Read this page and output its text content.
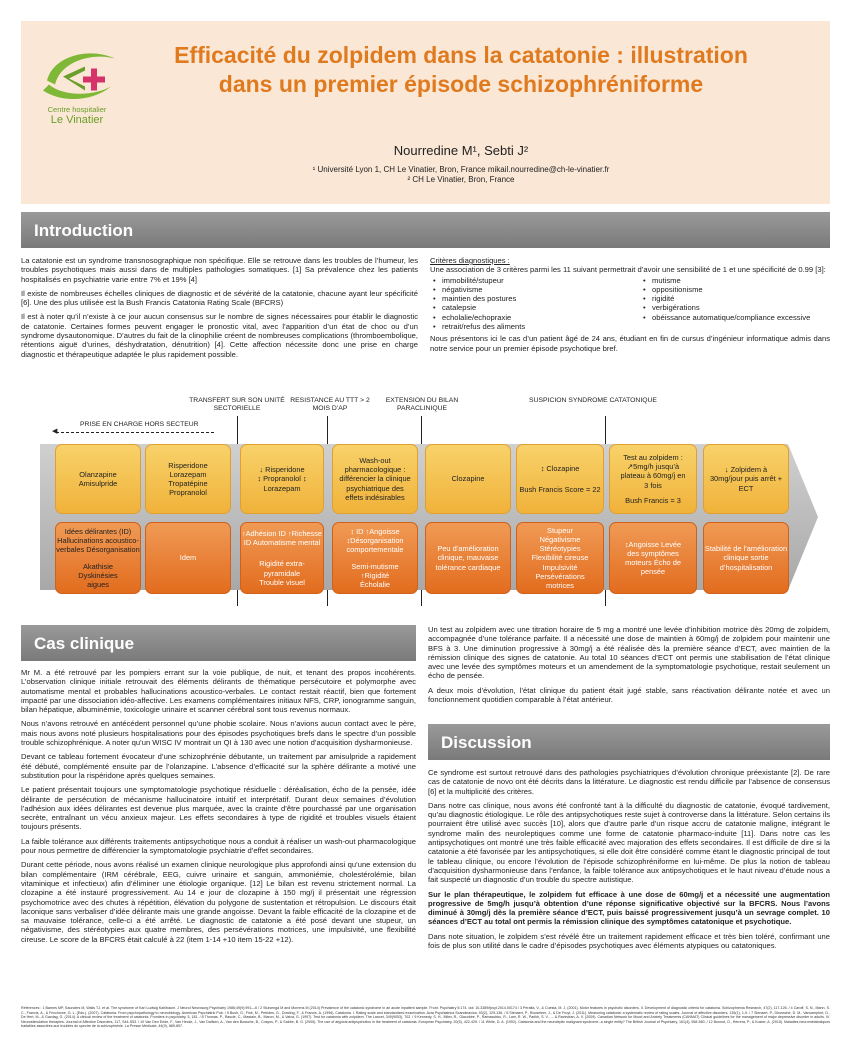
Centre hospitalier
Le Vinatier
Efficacité du zolpidem dans la catatonie : illustration dans un premier épisode schizophréniforme
Nourredine M¹, Sebti J²
¹ Université Lyon 1, CH Le Vinatier, Bron, France mikail.nourredine@ch-le-vinatier.fr
² CH Le Vinatier, Bron, France
Introduction

La catatonie est un syndrome transnosographique non spécifique. Elle se retrouve dans les troubles de l’humeur, les troubles psychotiques mais aussi dans de multiples pathologies somatiques. [1] Sa prévalence chez les patients hospitalisés en psychiatrie varie entre 7% et 19% [4]

Il existe de nombreuses échelles cliniques de diagnostic et de sévérité de la catatonie, chacune ayant leur spécificité [6]. Une des plus utilisée est la Bush Francis Catatonia Rating Scale (BFCRS)

Il est à noter qu’il n’existe à ce jour aucun consensus sur le nombre de signes nécessaires pour établir le diagnostic de catatonie. Certaines formes peuvent engager le pronostic vital, avec l’apparition d’un état de choc ou d’un syndrome dysautonomique. D’autres du fait de la clinophilie créent de nombreuses complications (thromboembolique, rétentions aiguë d’urines, déshydratation, dénutrition) [4]. Cette affection nécessite donc une prise en charge diagnostic et thérapeutique adaptée le plus rapidement possible.

Critères diagnostiques :
Une association de 3 critères parmi les 11 suivant permettrait d’avoir une sensibilité de 1 et une spécificité de 0.99 [3]:
• immobilité/stupeur
• négativisme
• maintien des postures
• catalepsie
• echolalie/echopraxie
• retrait/refus des aliments
• mutisme
• oppositionisme
• rigidité
• verbigérations
• obéissance automatique/compliance excessive

Nous présentons ici le cas d’un patient âgé de 24 ans, étudiant en fin de cursus d’ingénieur informatique admis dans notre service pour un premier épisode psychotique bref.

TRANSFERT SUR SON UNITÉ SECTORIELLE
RESISTANCE AU TTT > 2 MOIS D’AP
EXTENSION DU BILAN PARACLINIQUE
SUSPICION SYNDROME CATATONIQUE
PRISE EN CHARGE HORS SECTEUR
◀
Olanzapine Amisulpride
Risperidone Lorazepam Tropatépine Propranolol
↓ Risperidone ↕ Propranolol ↕ Lorazepam
Wash-out pharmacologique : différencier la clinique psychiatrique des effets indésirables
Clozapine
↕ Clozapine
Bush Francis Score = 22
Test au zolpidem : ↗5mg/h jusqu’à plateau à 60mg/j en 3 fois
Bush Francis = 3
↓ Zolpidem à 30mg/jour puis arrêt + ECT
Idées délirantes (ID) Hallucinations acoustico-verbales Désorganisation
Akathisie Dyskinésies aigues
Idem
↑Adhésion ID ↑Richesse ID Automatisme mental
Rigidité extra-pyramidale Trouble visuel
↕ ID ↑Angoisse ↕Désorganisation comportementale
Semi-mutisme ↑Rigidité Écholalie
Peu d’amélioration clinique, mauvaise tolérance cardiaque
Stupeur Négativisme Stéréotypies Flexibilité cireuse Impulsivité Persévérations motrices
↕Angoisse Levée des symptômes moteurs Écho de pensée
Stabilité de l’amélioration clinique sortie d’hospitalisation
Cas clinique

Mr M. a été retrouvé par les pompiers errant sur la voie publique, de nuit, et tenant des propos incohérents. L’observation clinique initiale retrouvait des éléments délirants de thématique persécutoire et polymorphe avec automatisme mental et probables hallucinations acoustico-verbales. Le contact restait réactif, bien que fortement impacté par une dissociation idéo-affective. Les examens complémentaires initiaux NFS, CRP, ionogramme sanguin, bilan hépatique, albuminémie, toxicologie urinaire et scanner cérébral sont tous revenus normaux.

Nous n’avons retrouvé en antécédent personnel qu’une phobie scolaire. Nous n’avions aucun contact avec le père, mais nous avons noté plusieurs hospitalisations pour des épisodes psychotiques brefs dans le spectre d’un possible trouble schizophrénique. A noter qu’un WISC IV montrait un QI à 130 avec une notion d’acquisition dysharmonieuse.

Devant ce tableau fortement évocateur d’une schizophrénie débutante, un traitement par amisulpride a rapidement été débuté, complémenté ensuite par de l’olanzapine. L’absence d’efficacité sur la sphère délirante a motivé une substitution pour la rispéridone après quelques semaines.

Le patient présentait toujours une symptomatologie psychotique résiduelle : déréalisation, écho de la pensée, idée délirante de persécution de mécanisme hallucinatoire intuitif et interprétatif. Durant deux semaines d’évolution l’adhésion aux idées délirantes est devenue plus marquée, avec la crainte d’être pourchassé par une organisation secrète, entraînant un vécu anxieux majeur. Les effets secondaires à type de rigidité et troubles visuels étaient toujours présents.

La faible tolérance aux différents traitements antipsychotique nous a conduit à réaliser un wash-out pharmacologique pour nous permettre de différencier la symptomatologie psychiatrie d’effet secondaires.

Durant cette période, nous avons réalisé un examen clinique neurologique plus approfondi ainsi qu’une extension du bilan complémentaire (IRM cérébrale, EEG, cuivre urinaire et sanguin, ammoniémie, cholestérolémie, bilan vitaminique et infectieux) afin d’éliminer une étiologie organique. [12] Le bilan est revenu strictement normal. La clozapine a été instauré progressivement. Au 14 e jour de clozapine à 150 mg/j il présentait une régression psychomotrice avec des chutes à répétition, élévation du polygone de sustentation et rétropulsion. Le discours était laconique sans verbaliser d’idée délirante mais une grande angoisse. Devant la faible efficacité de la clozapine et de sa mauvaise tolérance, celle-ci a été arrêté. Le diagnostic de catatonie a été posé devant une stupeur, un négativisme, des stéréotypies aux quatre membres, des persévérations motrices, une impulsivité, une flexibilité cireuse. Le score de la BFCRS était calculé à 22 (item 1-14 +10 item 15-22 +12).

Un test au zolpidem avec une titration horaire de 5 mg a montré une levée d’inhibition motrice dès 20mg de zolpidem, accompagnée d’une tolérance parfaite. Il a nécessité une dose de maintien à 60mg/j de zolpidem pour maintenir une BFS à 3. Une diminution progressive à 30mg/j a été réalisée dès la première séance d’ECT, avec maintien de la rémission clinique des signes de catatonie. Au total 10 séances d’ECT ont permis une stabilisation de l’état clinique avec une levée des symptômes moteurs et un amendement de la symptomatologie psychotique, restait seulement un écho de pensée.

A deux mois d’évolution, l’état clinique du patient était jugé stable, sans réactivation délirante notée et avec un fonctionnement quotidien comparable à l’état antérieur.

Discussion

Ce syndrome est surtout retrouvé dans des pathologies psychiatriques d’évolution chronique préexistante [2]. De rare cas de catatonie de novo ont été décrits dans la littérature. Le diagnostic est rendu difficile par l’absence de consensus [6] et la multiplicité des critères.

Dans notre cas clinique, nous avons été confronté tant à la difficulté du diagnostic de catatonie, évoqué tardivement, qu’au diagnostic étiologique. Le rôle des antipsychotiques reste sujet à controverse dans la littérature. Selon certains ils pourraient être utilisé avec succès [10], alors que d’autre parle d’un risque accru de catatonie maligne, intégrant le syndrome malin des neuroleptiques comme une forme de catatonie pharmaco-induite [11]. Dans notre cas les antipsychotiques ont montré une très faible efficacité avec majoration des effets secondaires. Il est difficile de dire si la catatonie a été favorisée par les antipsychotiques, si elle doit être considéré comme étant le diagnostic principal de tout le tableau clinique, ou encore l’évolution de l’épisode schizophréniforme en lui-même. De plus la notion de tableau d’acquisition dysharmonieuse dans l’enfance, la faible tolérance aux antipsychotiques et le haut niveau d’étude nous a fait suspecté un diagnostic d’un trouble du spectre autistique.

Sur le plan thérapeutique, le zolpidem fut efficace à une dose de 60mg/j et a nécessité une augmentation progressive de 5mg/h jusqu’à obtention d’une réponse significative objectivé sur la BFCRS. Nous l’avons diminué à 30mg/j dès la première séance d’ECT, puis baissé progressivement jusqu’à un sevrage complet. 10 séances d’ECT au total ont permis la rémission clinique des symptômes catatonique et psychotique.

Dans note situation, le zolpidem s’est révélé être un traitement rapidement efficace et très bien toléré, confirmant une fois de plus son utilité dans le cadre d’épisodes psychotiques avec éléments atypiques ou catatoniques.

Références : 1 Barnes MP, Saunders M, Walls TJ, et al. The syndrome of Karl Ludwig Kahlbaum. J Neurol Neurosurg Psychiatry 1986;49(9):991—6 / 2 Stuivenga M and Morrens M (2014) Prevalence of the catatonic syndrome in an acute inpatient sample. Front. Psychiatry 5:174. doi: 10.3389/fpsyt.2014.00174 / 3 Peralta, V., & Cuesta, M. J. (2001). Motor features in psychotic disorders. II. Development of diagnostic criteria for catatonia. Schizophrenia Research, 47(2), 117-126. / 4 Caroff, S. N., Mann, S. C., Francis, A., & Fricchione, G. L. (Eds.). (2007). Catatonia: From psychopathology to neurobiology. American Psychiatric Pub. / 5 Bush, G., Fink, M., Petrides, G., Dowling, F., & Francis, A. (1996). Catatonia. I. Rating scale and standardized examination. Acta Psychiatrica Scandinavica, 93(2), 129-136. / 6 Sienaert, P., Rooseleer, J., & De Fruyt, J. (2011). Measuring catatonia: a systematic review of rating scales. Journal of affective disorders, 135(1), 1-9. / 7 Sienaert, P., Dhossche, D. M., Vancampfort, D., De Hert, M., & Gazdag, G. (2014). A clinical review of the treatment of catatonia. Frontiers in psychiatry, 5, 181. / 8 Thomas, P., Rascle, C., Mastain, B., Maron, M., & Vaiva, G. (1997). Test for catatonia with zolpidem. The Lancet, 349(9053), 702. / 9 Kennedy, S. H., Milev, R., Giacobbe, P., Ramasubbu, R., Lam, R. W., Parikh, S. V., ... & Ravindran, A. V. (2009). Canadian Network for Mood and Anxiety Treatments (CANMAT) Clinical guidelines for the management of major depressive disorder in adults. IV. Neurostimulation therapies. Journal of Affective Disorders, 117, S44-S53. / 10 Van Den Eede, F., Van Hecke, J., Van Dalfsen, A., Van den Bossche, B., Cosyns, P., & Sabbe, B. G. (2005). The use of atypical antipsychotics in the treatment of catatonia. European Psychiatry, 20(5), 422-429. / 11 White, D. A. (1992). Catatonia and the neuroleptic malignant syndrome--a single entity? The British Journal of Psychiatry, 161(4), 558-560. / 12 Bonnot, O., Herrera, P., & Kuster, A. (2015). Maladies neurométaboliques traitables associées aux troubles du spectre de la schizophrénie. La Presse Médicale, 44(9), 889-897.
